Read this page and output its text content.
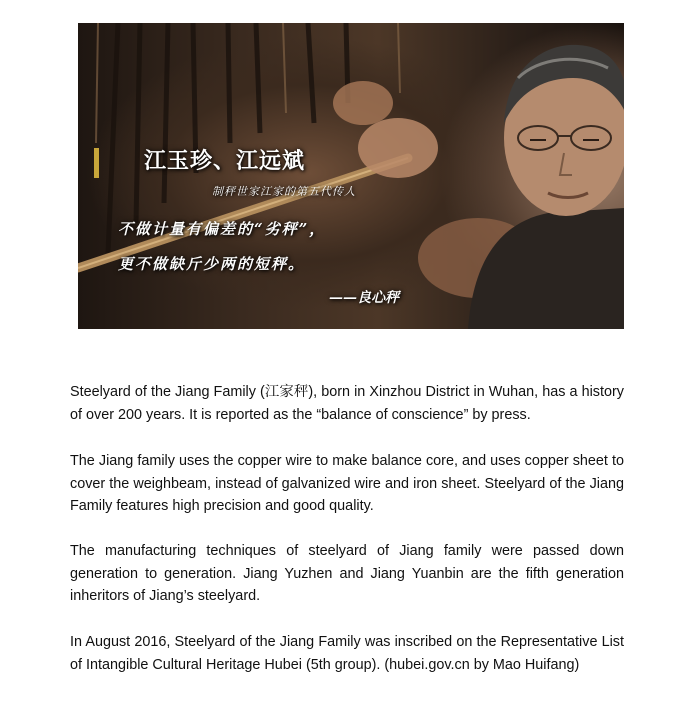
江玉珍、江远斌
制秤世家江家的第五代传人
不做计量有偏差的“劣秤”，
更不做缺斤少两的短秤。
——良心秤

Steelyard of the Jiang Family (江家秤), born in Xinzhou District in Wuhan, has a history of over 200 years. It is reported as the “balance of conscience” by press.

The Jiang family uses the copper wire to make balance core, and uses copper sheet to cover the weighbeam, instead of galvanized wire and iron sheet. Steelyard of the Jiang Family features high precision and good quality.

The manufacturing techniques of steelyard of Jiang family were passed down generation to generation. Jiang Yuzhen and Jiang Yuanbin are the fifth generation inheritors of Jiang’s steelyard.

In August 2016, Steelyard of the Jiang Family was inscribed on the Representative List of Intangible Cultural Heritage Hubei (5th group). (hubei.gov.cn by Mao Huifang)
